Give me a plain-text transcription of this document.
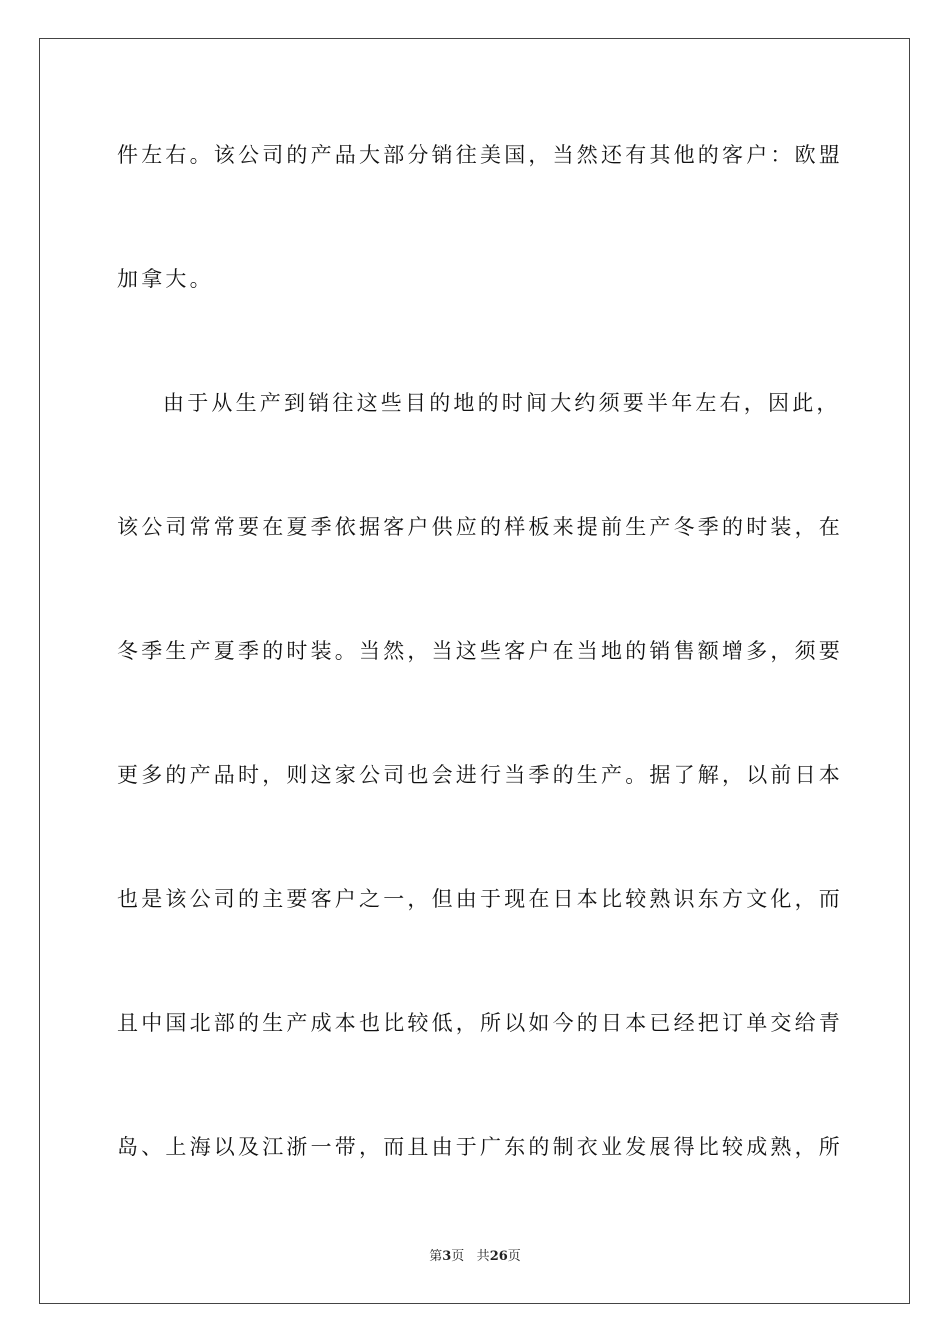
件左右。该公司的产品大部分销往美国，当然还有其他的客户：欧盟

加拿大。

由于从生产到销往这些目的地的时间大约须要半年左右，因此，

该公司常常要在夏季依据客户供应的样板来提前生产冬季的时装，在

冬季生产夏季的时装。当然，当这些客户在当地的销售额增多，须要

更多的产品时，则这家公司也会进行当季的生产。据了解，以前日本

也是该公司的主要客户之一，但由于现在日本比较熟识东方文化，而

且中国北部的生产成本也比较低，所以如今的日本已经把订单交给青

岛、上海以及江浙一带，而且由于广东的制衣业发展得比较成熟，所

第3页 共26页
